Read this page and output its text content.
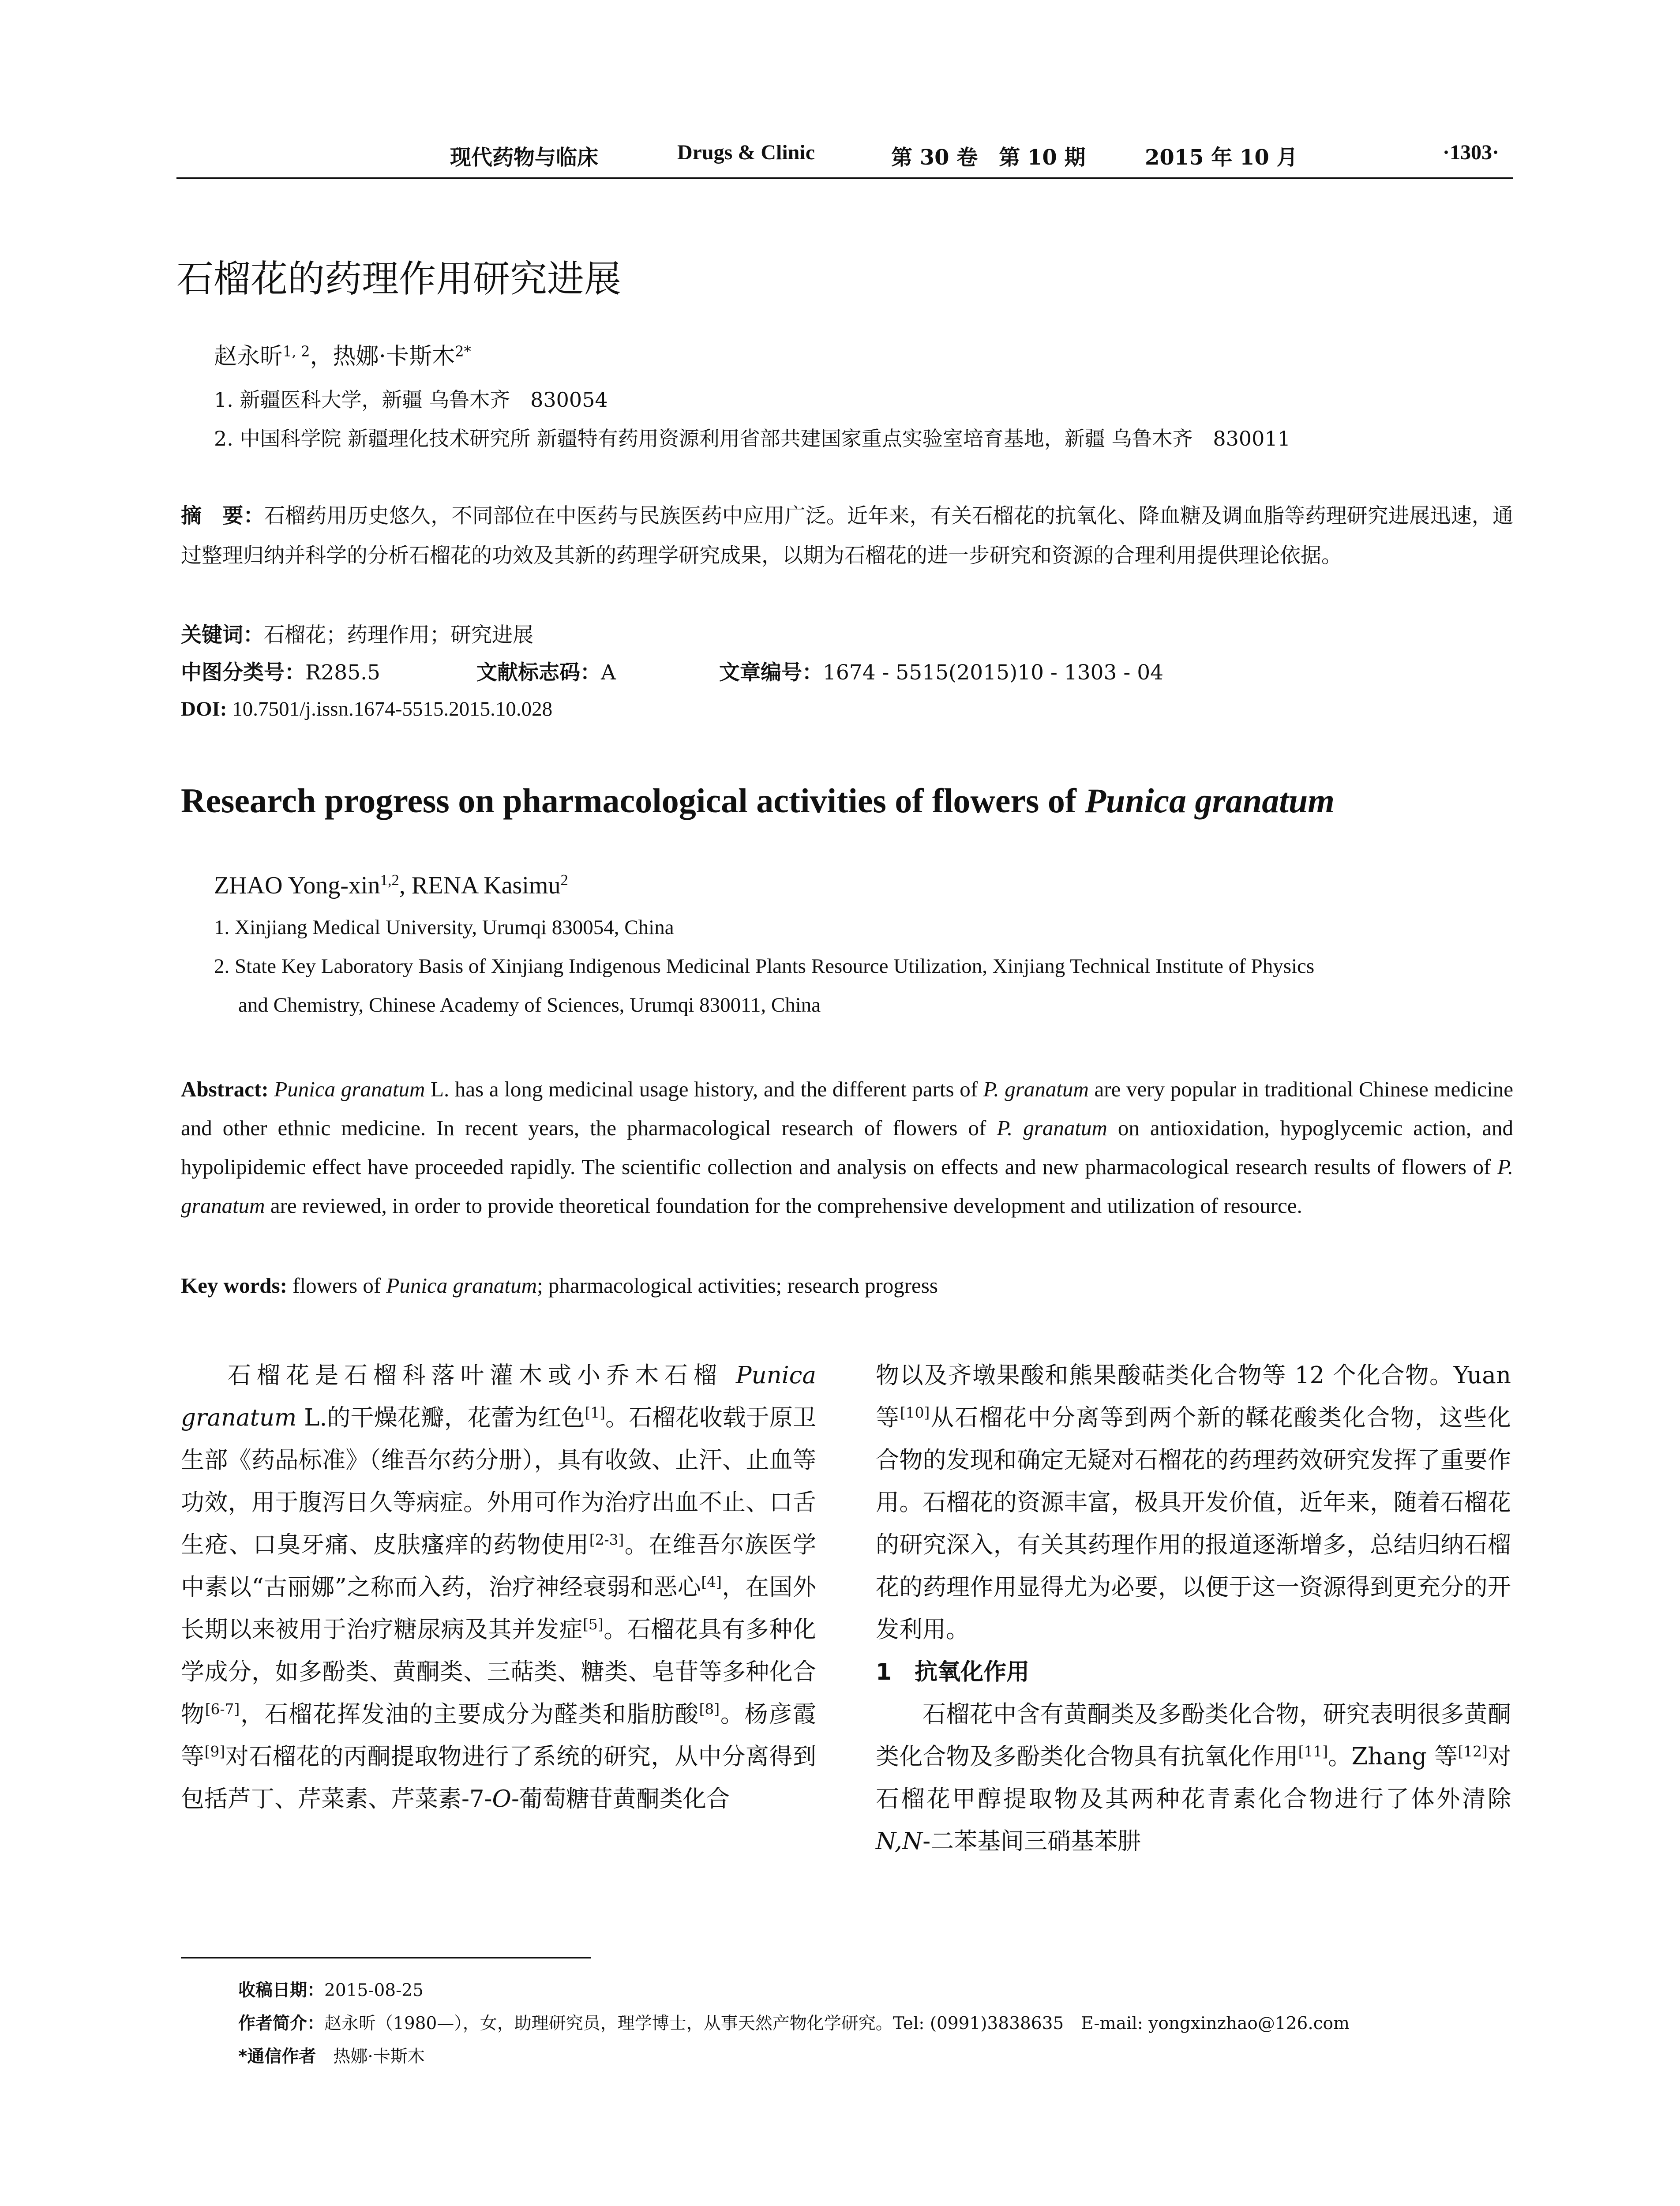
现代药物与临床	Drugs & Clinic	第 30 卷　第 10 期	2015 年 10 月	·1303·
石榴花的药理作用研究进展
赵永昕$^{1, 2}$，热娜·卡斯木$^{2*}$
1. 新疆医科大学，新疆 乌鲁木齐　830054
2. 中国科学院 新疆理化技术研究所 新疆特有药用资源利用省部共建国家重点实验室培育基地，新疆 乌鲁木齐　830011
摘　要：石榴药用历史悠久，不同部位在中医药与民族医药中应用广泛。近年来，有关石榴花的抗氧化、降血糖及调血脂等药理研究进展迅速，通过整理归纳并科学的分析石榴花的功效及其新的药理学研究成果，以期为石榴花的进一步研究和资源的合理利用提供理论依据。
关键词：石榴花；药理作用；研究进展
中图分类号：R285.5	文献标志码：A	文章编号：1674 - 5515(2015)10 - 1303 - 04
DOI: 10.7501/j.issn.1674-5515.2015.10.028
Research progress on pharmacological activities of flowers of Punica granatum
ZHAO Yong-xin$^{1,2}$, RENA Kasimu$^2$
1. Xinjiang Medical University, Urumqi 830054, China
2. State Key Laboratory Basis of Xinjiang Indigenous Medicinal Plants Resource Utilization, Xinjiang Technical Institute of Physics
and Chemistry, Chinese Academy of Sciences, Urumqi 830011, China
Abstract: Punica granatum L. has a long medicinal usage history, and the different parts of P. granatum are very popular in traditional Chinese medicine and other ethnic medicine. In recent years, the pharmacological research of flowers of P. granatum on antioxidation, hypoglycemic action, and hypolipidemic effect have proceeded rapidly. The scientific collection and analysis on effects and new pharmacological research results of flowers of P. granatum are reviewed, in order to provide theoretical foundation for the comprehensive development and utilization of resource.
Key words: flowers of Punica granatum; pharmacological activities; research progress
石榴花是石榴科落叶灌木或小乔木石榴 Punica granatum L.的干燥花瓣，花蕾为红色[1]。石榴花收载于原卫生部《药品标准》（维吾尔药分册），具有收敛、止汗、止血等功效，用于腹泻日久等病症。外用可作为治疗出血不止、口舌生疮、口臭牙痛、皮肤瘙痒的药物使用[2-3]。在维吾尔族医学中素以“古丽娜”之称而入药，治疗神经衰弱和恶心[4]，在国外长期以来被用于治疗糖尿病及其并发症[5]。石榴花具有多种化学成分，如多酚类、黄酮类、三萜类、糖类、皂苷等多种化合物[6-7]，石榴花挥发油的主要成分为醛类和脂肪酸[8]。杨彦霞等[9]对石榴花的丙酮提取物进行了系统的研究，从中分离得到包括芦丁、芹菜素、芹菜素-7-O-葡萄糖苷黄酮类化合
物以及齐墩果酸和熊果酸萜类化合物等 12 个化合物。Yuan 等[10]从石榴花中分离等到两个新的鞣花酸类化合物，这些化合物的发现和确定无疑对石榴花的药理药效研究发挥了重要作用。石榴花的资源丰富，极具开发价值，近年来，随着石榴花的研究深入，有关其药理作用的报道逐渐增多，总结归纳石榴花的药理作用显得尤为必要，以便于这一资源得到更充分的开发利用。
1　抗氧化作用
石榴花中含有黄酮类及多酚类化合物，研究表明很多黄酮类化合物及多酚类化合物具有抗氧化作用[11]。Zhang 等[12]对石榴花甲醇提取物及其两种花青素化合物进行了体外清除 N,N-二苯基间三硝基苯肼
收稿日期：2015-08-25
作者简介：赵永昕（1980—），女，助理研究员，理学博士，从事天然产物化学研究。Tel: (0991)3838635　E-mail: yongxinzhao@126.com
*通信作者　 热娜·卡斯木
